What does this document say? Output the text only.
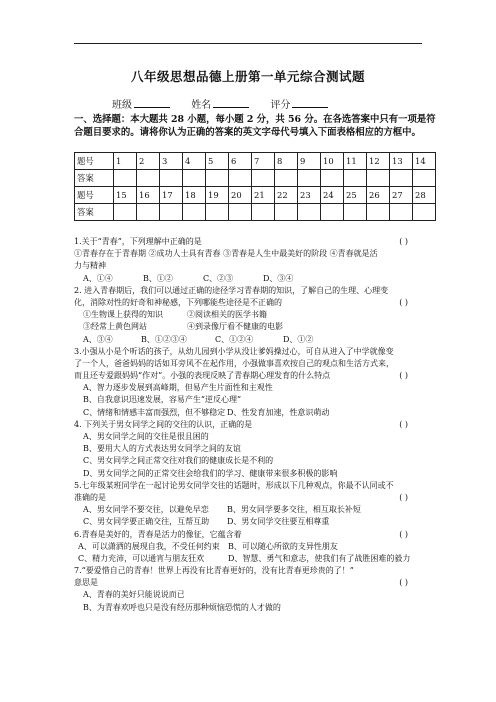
八年级思想品德上册第一单元综合测试题
班级	姓名	评分
一、选择题：本大题共 28 小题，每小题 2 分，共 56 分。在各选答案中只有一项是符合题目要求的。请将你认为正确的答案的英文字母代号填入下面表格相应的方框中。
题号	1	2	3	4	5	6	7	8	9	10	11	12	13	14
答案														
题号	15	16	17	18	19	20	21	22	23	24	25	26	27	28
答案														
1.关于“青春”，下列理解中正确的是	( )
①青春存在于青春期 ②成功人士具有青春 ③青春是人生中最美好的阶段 ④青春就是活
力与精神
A、①④	B、①②	C、②③	D、③④
2. 进入青春期后，我们可以通过正确的途径学习青春期的知识，了解自己的生理、心理变
化，消除对性的好奇和神秘感，下列哪能些途径是不正确的	( )
①生物课上获得的知识	②阅读相关的医学书籍
③经常上黄色网站	④到录像厅看不健康的电影
A、③④	B、①②③④	C、①②④	D、①②
3.小强从小是个听话的孩子，从幼儿园到小学从没让爹妈操过心，可自从进入了中学就像变
了一个人，爸爸妈妈的话如耳旁风不在起作用，小强做事喜欢按自己的观点和生活方式来，
而且还专爱跟妈妈“作对”。小强的表现反映了青春期心理发育的什么特点	( )
A、智力逐步发展到高峰期，但易产生片面性和主观性
B、自我意识迅速发展，容易产生“逆反心理”
C、情绪和情感丰富而强烈，但不够稳定 D、性发育加速，性意识萌动
4. 下列关于男女同学之间的交往的认识，正确的是	( )
A、男女同学之间的交往是很且困的
B、要用大人的方式表达男女同学之间的友谊
C、男女同学之间正常交往对我们的健康成长是不利的
D、男女同学之间的正常交往会给我们的学习、健康带来很多积极的影响
5.七年级某班同学在一起讨论男女同学交往的话题时，形成以下几种观点，你最不认同或不
准确的是	( )
A、男女同学不要交往，以避免早恋 B、男女同学要多交往，相互取长补短
C、男女同学要正确交往，互帮互助 D、男女同学交往要互相尊重
6.青春是美好的，青春是活力的像征，它蕴含着	( )
A、可以潇洒的展现自我，不受任何约束 B、可以随心所欲的支异性朋友
C、精力充沛，可以通宵与朋友狂欢	D、智慧、勇气和意志，使我们有了战胜困难的毅力
7.“要爱惜自己的青春！世界上再没有比青春更好的，没有比青春更珍贵的了！”
意思是	( )
A、青春的美好只能说说而已
B、为青春欢呼也只是没有经历那种烦恼恐慌的人才做的
